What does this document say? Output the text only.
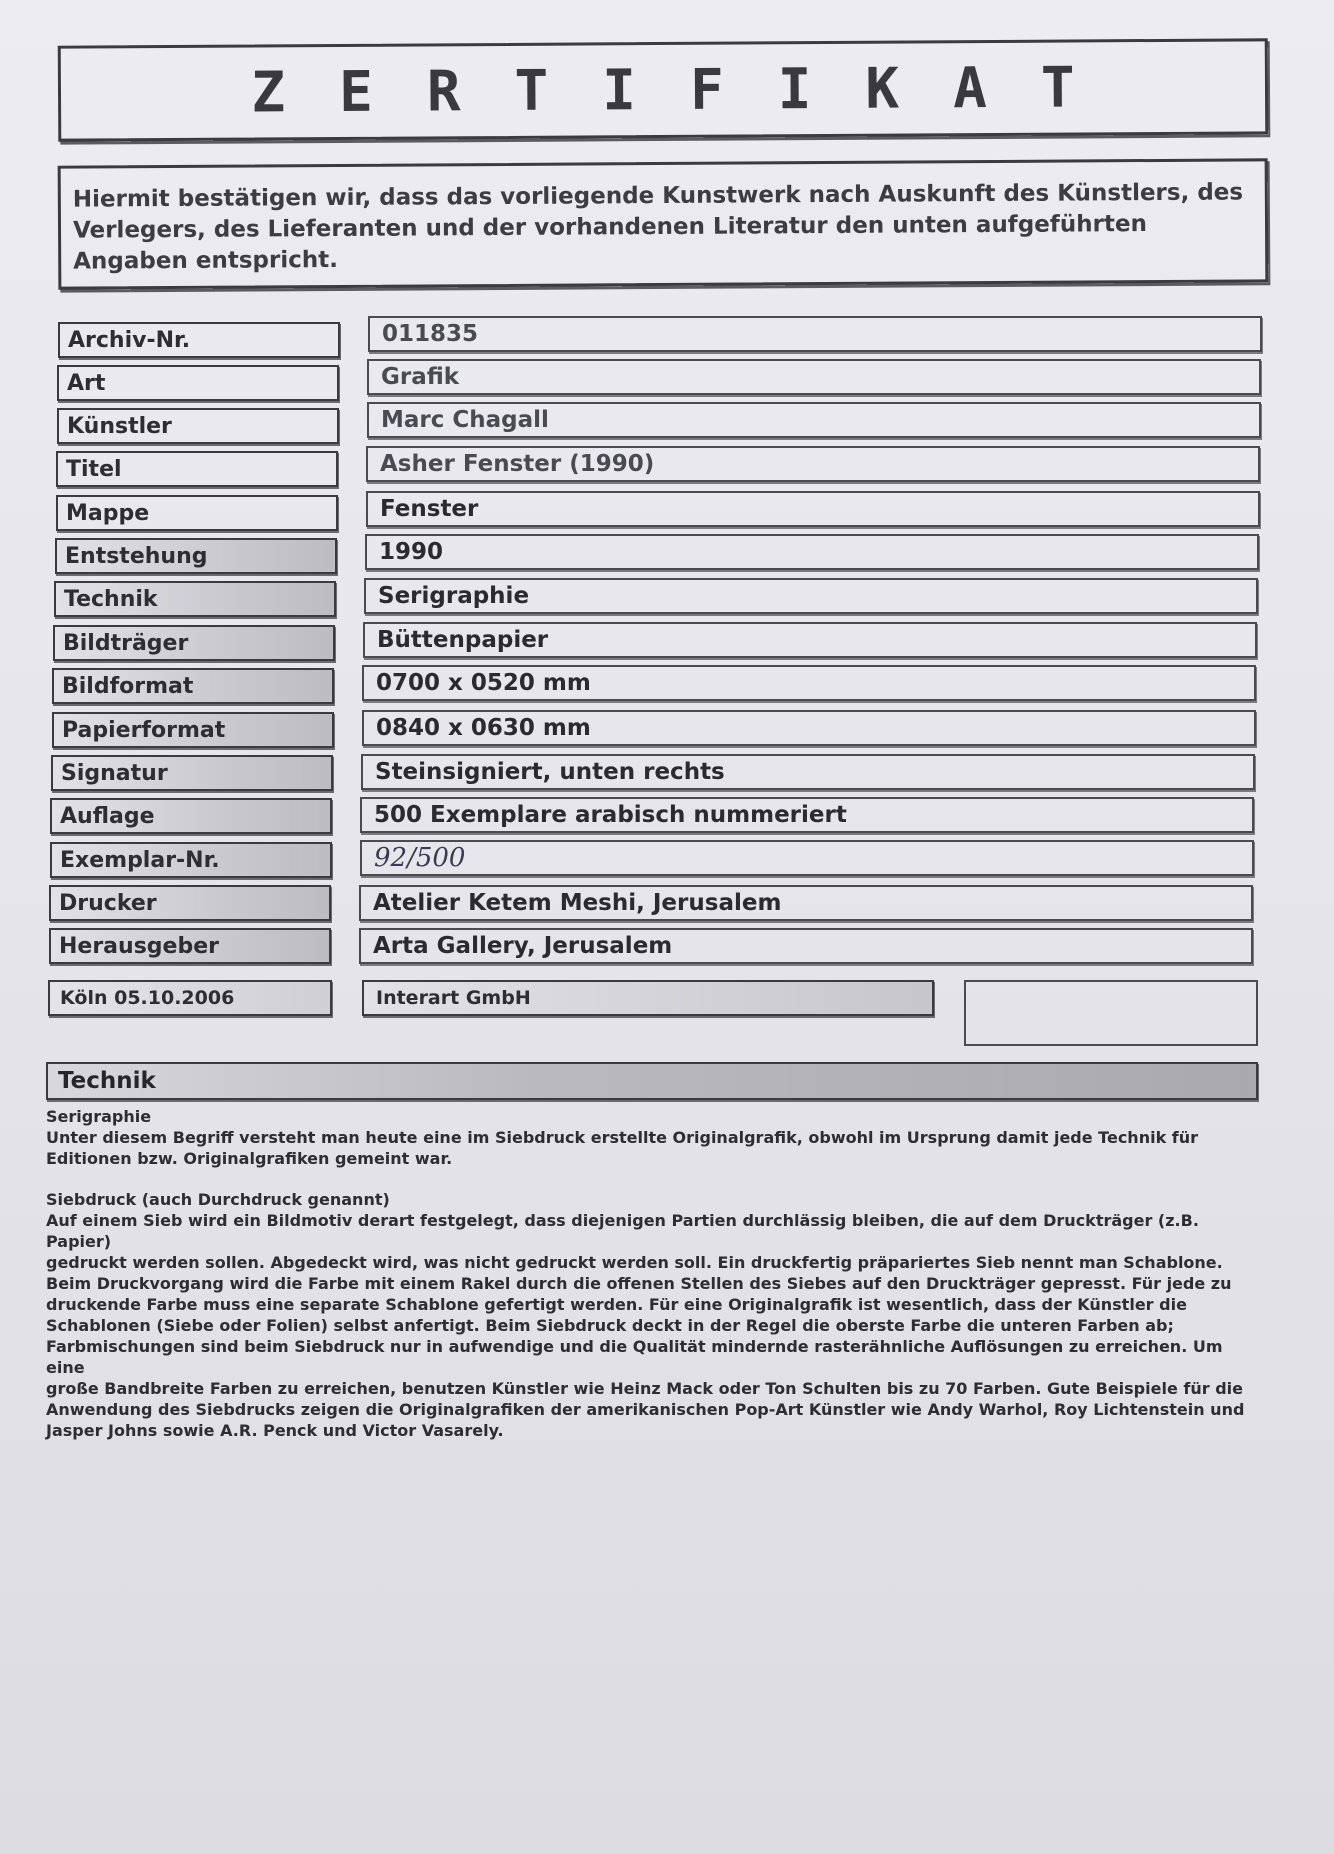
ZERTIFIKAT
Hiermit bestätigen wir, dass das vorliegende Kunstwerk nach Auskunft des Künstlers, des Verlegers, des Lieferanten und der vorhandenen Literatur den unten aufgeführten Angaben entspricht.
Archiv-Nr.	011835
Art	Grafik
Künstler	Marc Chagall
Titel	Asher Fenster (1990)
Mappe	Fenster
Entstehung	1990
Technik	Serigraphie
Bildträger	Büttenpapier
Bildformat	0700 x 0520 mm
Papierformat	0840 x 0630 mm
Signatur	Steinsigniert, unten rechts
Auflage	500 Exemplare arabisch nummeriert
Exemplar-Nr.	92/500
Drucker	Atelier Ketem Meshi, Jerusalem
Herausgeber	Arta Gallery, Jerusalem
Köln 05.10.2006	Interart GmbH
Technik
Serigraphie
Unter diesem Begriff versteht man heute eine im Siebdruck erstellte Originalgrafik, obwohl im Ursprung damit jede Technik für
Editionen bzw. Originalgrafiken gemeint war.
Siebdruck (auch Durchdruck genannt)
Auf einem Sieb wird ein Bildmotiv derart festgelegt, dass diejenigen Partien durchlässig bleiben, die auf dem Druckträger (z.B. Papier)
gedruckt werden sollen. Abgedeckt wird, was nicht gedruckt werden soll. Ein druckfertig präpariertes Sieb nennt man Schablone.
Beim Druckvorgang wird die Farbe mit einem Rakel durch die offenen Stellen des Siebes auf den Druckträger gepresst. Für jede zu
druckende Farbe muss eine separate Schablone gefertigt werden. Für eine Originalgrafik ist wesentlich, dass der Künstler die
Schablonen (Siebe oder Folien) selbst anfertigt. Beim Siebdruck deckt in der Regel die oberste Farbe die unteren Farben ab;
Farbmischungen sind beim Siebdruck nur in aufwendige und die Qualität mindernde rasterähnliche Auflösungen zu erreichen. Um eine
große Bandbreite Farben zu erreichen, benutzen Künstler wie Heinz Mack oder Ton Schulten bis zu 70 Farben. Gute Beispiele für die
Anwendung des Siebdrucks zeigen die Originalgrafiken der amerikanischen Pop-Art Künstler wie Andy Warhol, Roy Lichtenstein und
Jasper Johns sowie A.R. Penck und Victor Vasarely.
